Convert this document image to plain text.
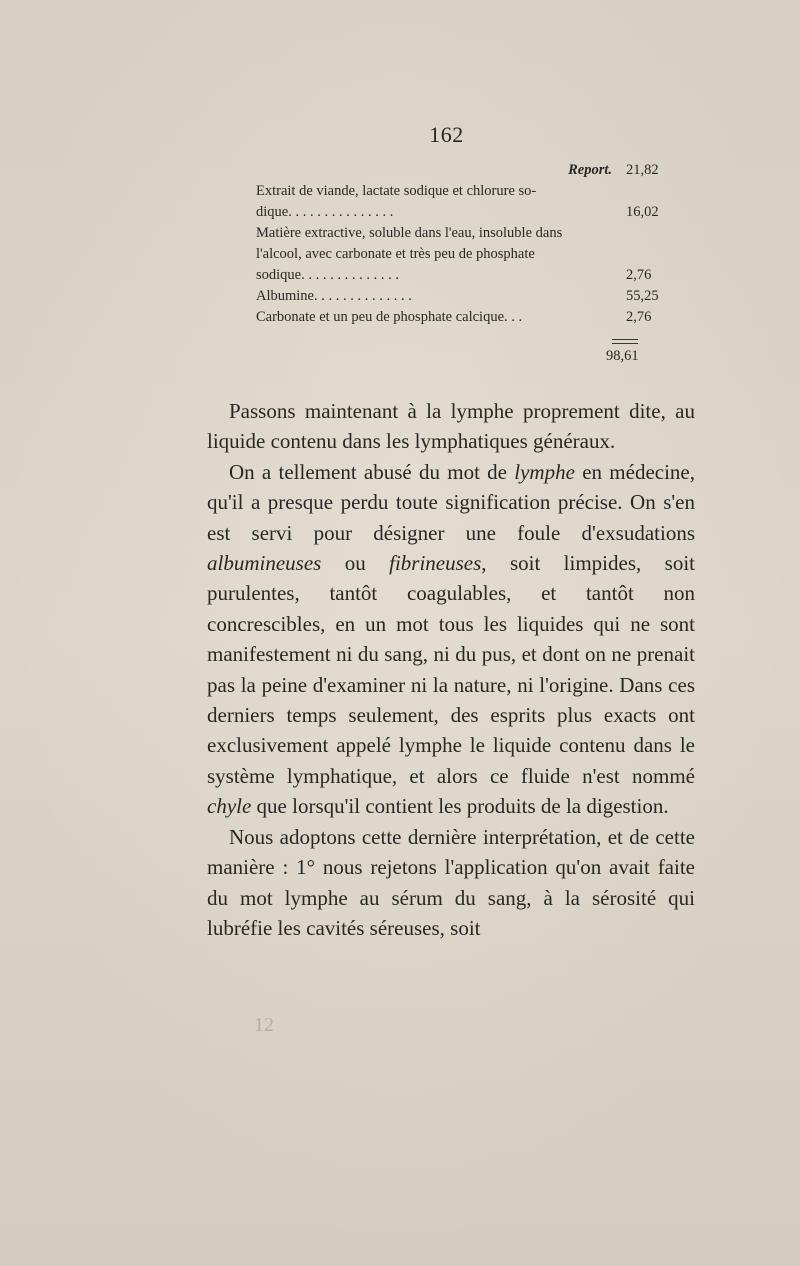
162
Report. 21,82
Extrait de viande, lactate sodique et chlorure so-
dique. . . . . . . . . . . . . . .	16,02
Matière extractive, soluble dans l'eau, insoluble dans
l'alcool, avec carbonate et très peu de phosphate
sodique. . . . . . . . . . . . . .	2,76
Albumine. . . . . . . . . . . . . .	55,25
Carbonate et un peu de phosphate calcique. . .	2,76
98,61

Passons maintenant à la lymphe proprement dite, au liquide contenu dans les lymphatiques généraux.

On a tellement abusé du mot de lymphe en médecine, qu'il a presque perdu toute signification précise. On s'en est servi pour désigner une foule d'exsudations albumineuses ou fibrineuses, soit limpides, soit purulentes, tantôt coagulables, et tantôt non concrescibles, en un mot tous les liquides qui ne sont manifestement ni du sang, ni du pus, et dont on ne prenait pas la peine d'examiner ni la nature, ni l'origine. Dans ces derniers temps seulement, des esprits plus exacts ont exclusivement appelé lymphe le liquide contenu dans le système lymphatique, et alors ce fluide n'est nommé chyle que lorsqu'il contient les produits de la digestion.

Nous adoptons cette dernière interprétation, et de cette manière : 1° nous rejetons l'application qu'on avait faite du mot lymphe au sérum du sang, à la sérosité qui lubréfie les cavités séreuses, soit

12
